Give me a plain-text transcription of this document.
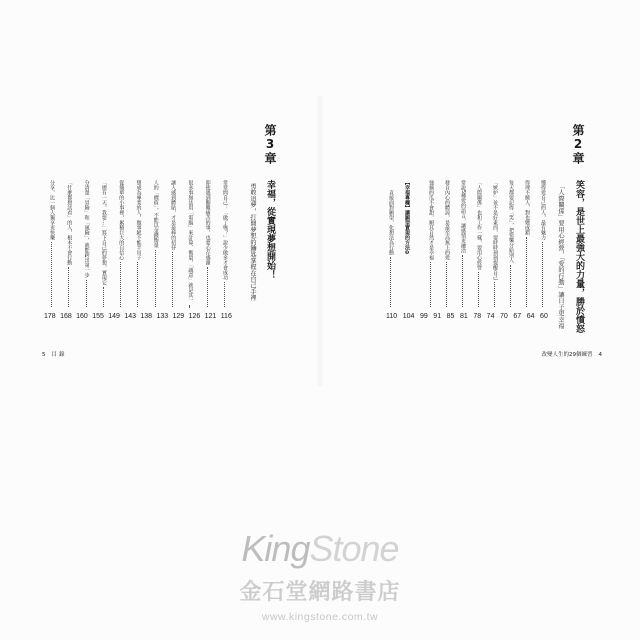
第3章
幸福，從實現夢想開始！
勇敢追夢，打開夢想的鑰匙掌握在自己手裡
常常問自己：「做了嗎？」說少做多才會成功
即使遇到艱難痛苦的事，也要心存感謝
很多事無法用「電腦」來計算、衡量，「誠意」就是其一
讓人感到體貼，才是最棒的招待
人的「價值」，不能以金錢衡量
想成為專業的人，做事絕不能半吊子
從簡單的小事裡，累積巨大的自信心
「總有一天，我要…」寫下自己的夢想，實現它
分清楚「冒險」和「風險」，就能跨出第一步
「什麼都想試看」的人，根本不會行動
分享，比一個人獨享更快樂
116
121
126
129
133
138
143
149
155
160
168
178
5 目錄
第2章
笑容，是世上最強大的力量，勝於憤怒
「人際關係」要用心經營，「愛的行動」讓日子更幸福
懂得愛自己的人，最有魅力
得理不饒人，對也變成錯
每天都要記得「笑」，把快樂分給別人
「嫉妒」並不是好東西，要時時刻刻提醒自己
「人際關係」也和工作一樣，要用心經營
常說5種愛的語言，讓感情更融洽
發自內心的體諒，是最至高無上的愛
強摘的瓜不會甜，順其自然才是幸福
【幸福專欄】讓願望實現的方法❷
直接面對願望，化想法為行動
60
64
67
70
74
78
81
85
91
99
104
110
改變人生的29個練習 4
KingStone
金石堂網路書店
www.kingstone.com.tw
